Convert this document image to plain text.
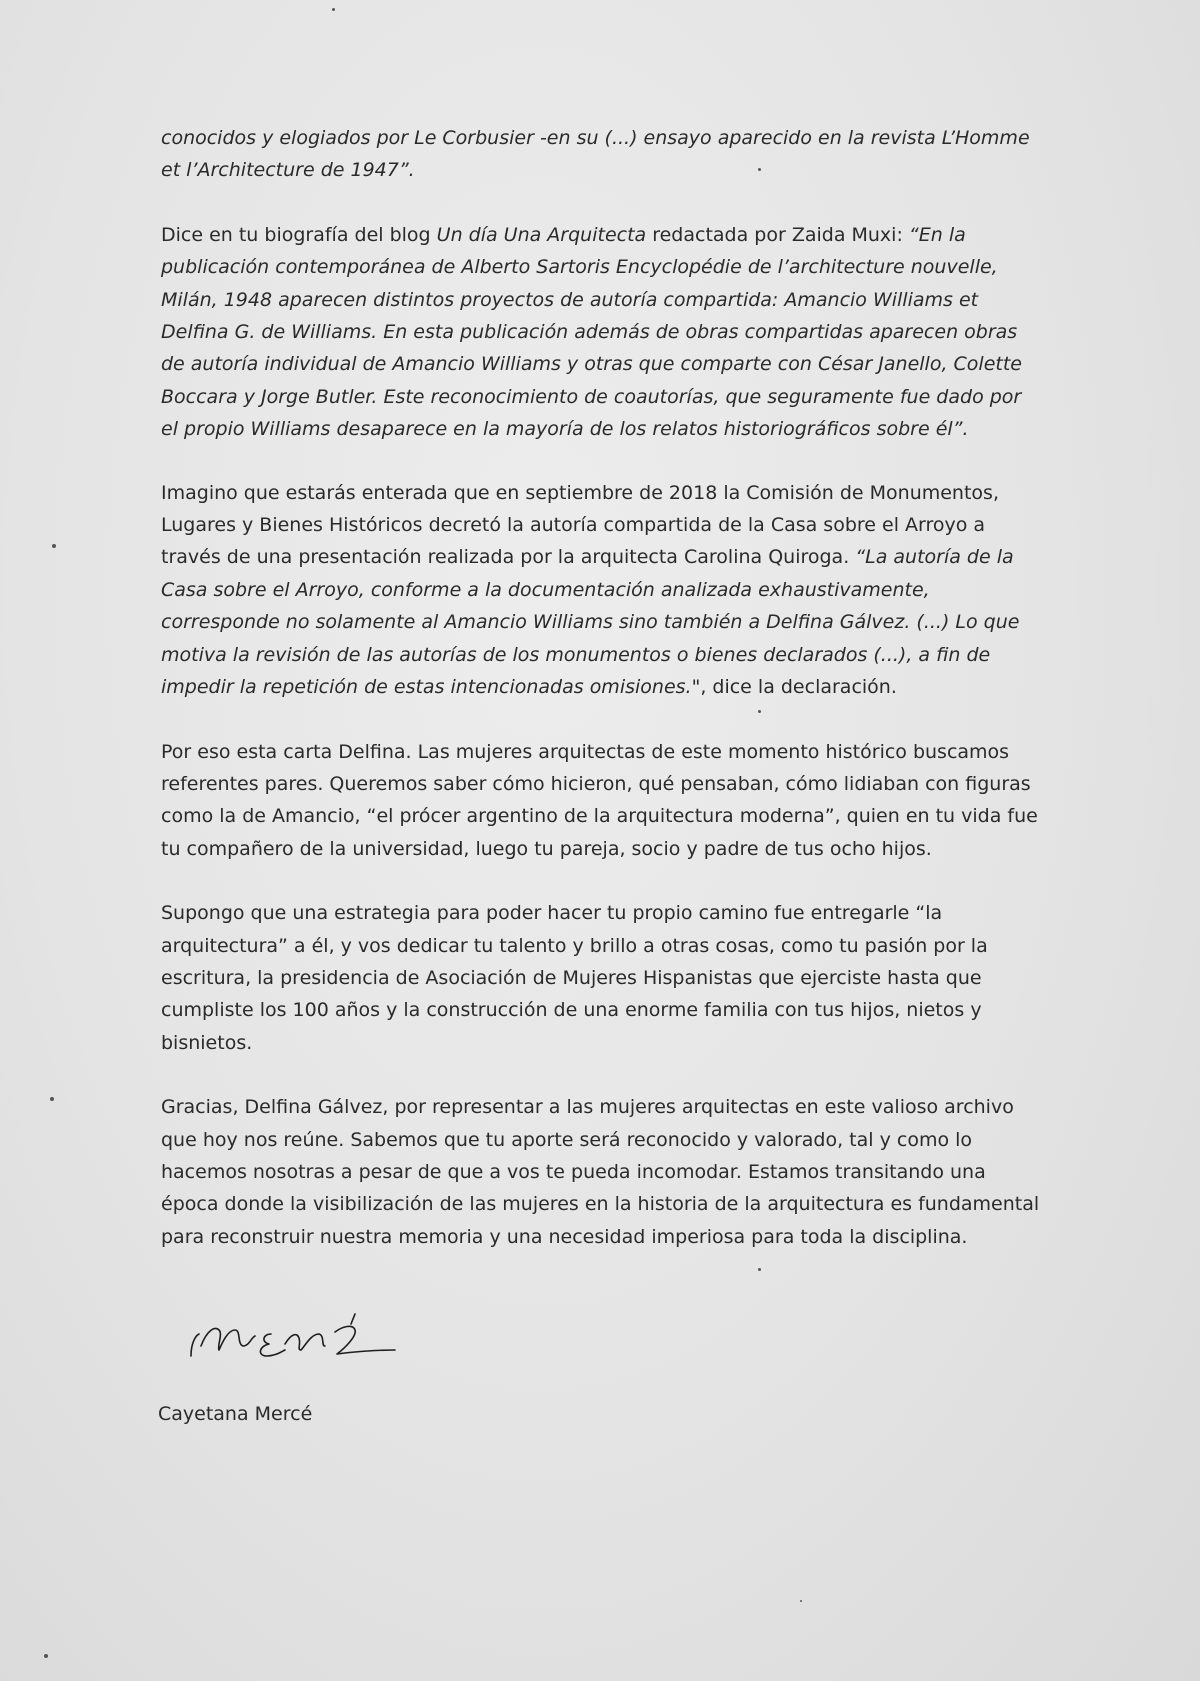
conocidos y elogiados por Le Corbusier -en su (...) ensayo aparecido en la revista L’Homme et l’Architecture de 1947”.

Dice en tu biografía del blog Un día Una Arquitecta redactada por Zaida Muxi: “En la publicación contemporánea de Alberto Sartoris Encyclopédie de l’architecture nouvelle, Milán, 1948 aparecen distintos proyectos de autoría compartida: Amancio Williams et Delfina G. de Williams. En esta publicación además de obras compartidas aparecen obras de autoría individual de Amancio Williams y otras que comparte con César Janello, Colette Boccara y Jorge Butler. Este reconocimiento de coautorías, que seguramente fue dado por el propio Williams desaparece en la mayoría de los relatos historiográficos sobre él”.

Imagino que estarás enterada que en septiembre de 2018 la Comisión de Monumentos, Lugares y Bienes Históricos decretó la autoría compartida de la Casa sobre el Arroyo a través de una presentación realizada por la arquitecta Carolina Quiroga. “La autoría de la Casa sobre el Arroyo, conforme a la documentación analizada exhaustivamente, corresponde no solamente al Amancio Williams sino también a Delfina Gálvez. (...) Lo que motiva la revisión de las autorías de los monumentos o bienes declarados (...), a fin de impedir la repetición de estas intencionadas omisiones.", dice la declaración.

Por eso esta carta Delfina. Las mujeres arquitectas de este momento histórico buscamos referentes pares. Queremos saber cómo hicieron, qué pensaban, cómo lidiaban con figuras como la de Amancio, “el prócer argentino de la arquitectura moderna”, quien en tu vida fue tu compañero de la universidad, luego tu pareja, socio y padre de tus ocho hijos.

Supongo que una estrategia para poder hacer tu propio camino fue entregarle “la arquitectura” a él, y vos dedicar tu talento y brillo a otras cosas, como tu pasión por la escritura, la presidencia de Asociación de Mujeres Hispanistas que ejerciste hasta que cumpliste los 100 años y la construcción de una enorme familia con tus hijos, nietos y bisnietos.

Gracias, Delfina Gálvez, por representar a las mujeres arquitectas en este valioso archivo que hoy nos reúne. Sabemos que tu aporte será reconocido y valorado, tal y como lo hacemos nosotras a pesar de que a vos te pueda incomodar. Estamos transitando una época donde la visibilización de las mujeres en la historia de la arquitectura es fundamental para reconstruir nuestra memoria y una necesidad imperiosa para toda la disciplina.

Cayetana Mercé
